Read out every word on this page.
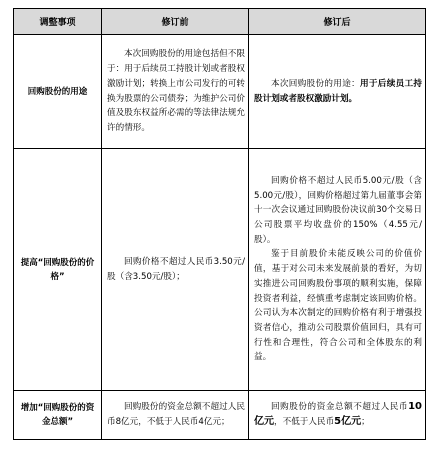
调整事项	修订前	修订后
回购股份的用途	本次回购股份的用途包括但不限于：用于后续员工持股计划或者股权激励计划；转换上市公司发行的可转换为股票的公司债券；为维护公司价值及股东权益所必需的等法律法规允许的情形。	本次回购股份的用途：用于后续员工持股计划或者股权激励计划。

提高“回购股份的价格”	回购价格不超过人民币3.50元/股（含3.50元/股）；	回购价格不超过人民币5.00元/股（含5.00元/股），回购价格超过第九届董事会第十一次会议通过回购股份决议前30个交易日公司股票平均收盘价的150%（4.55元/股）。

鉴于目前股价未能反映公司的价值价值，基于对公司未来发展前景的看好，为切实推进公司回购股份事项的顺利实施，保障投资者利益，经慎重考虑制定该回购价格。公司认为本次制定的回购价格有利于增强投资者信心，推动公司股票价值回归，具有可行性和合理性，符合公司和全体股东的利益。

增加“回购股份的资金总额”	回购股份的资金总额不超过人民币8亿元，不低于人民币4亿元；	回购股份的资金总额不超过人民币10亿元，不低于人民币5亿元；
